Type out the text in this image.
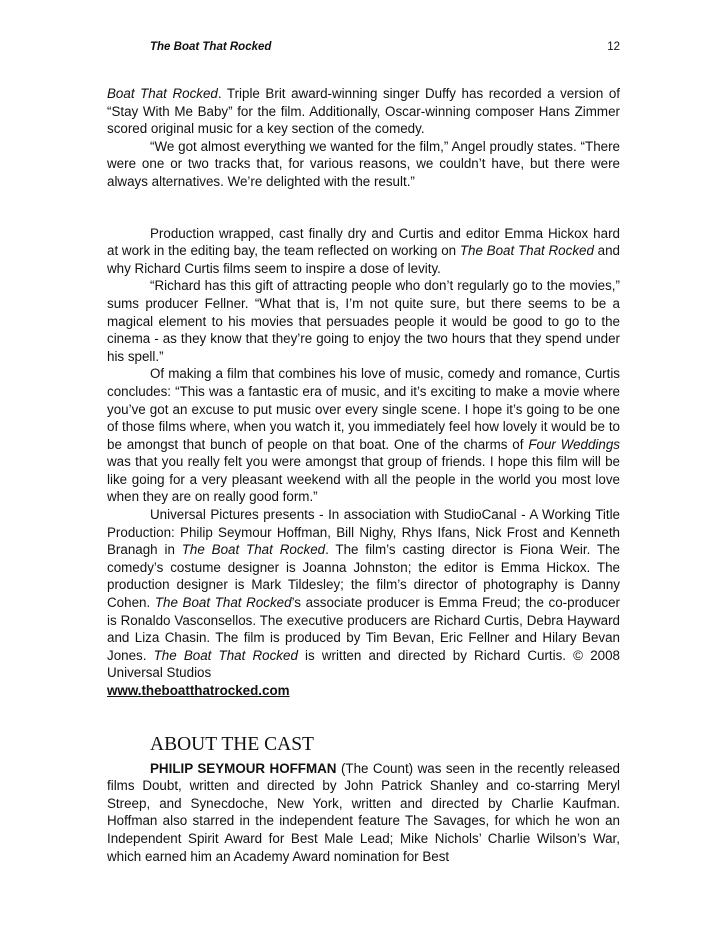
The Boat That Rocked	12

Boat That Rocked. Triple Brit award-winning singer Duffy has recorded a version of “Stay With Me Baby” for the film. Additionally, Oscar-winning composer Hans Zimmer scored original music for a key section of the comedy.

“We got almost everything we wanted for the film,” Angel proudly states. “There were one or two tracks that, for various reasons, we couldn’t have, but there were always alternatives. We’re delighted with the result.”

Production wrapped, cast finally dry and Curtis and editor Emma Hickox hard at work in the editing bay, the team reflected on working on The Boat That Rocked and why Richard Curtis films seem to inspire a dose of levity.

“Richard has this gift of attracting people who don’t regularly go to the movies,” sums producer Fellner. “What that is, I’m not quite sure, but there seems to be a magical element to his movies that persuades people it would be good to go to the cinema - as they know that they’re going to enjoy the two hours that they spend under his spell.”

Of making a film that combines his love of music, comedy and romance, Curtis concludes: “This was a fantastic era of music, and it’s exciting to make a movie where you’ve got an excuse to put music over every single scene. I hope it’s going to be one of those films where, when you watch it, you immediately feel how lovely it would be to be amongst that bunch of people on that boat. One of the charms of Four Weddings was that you really felt you were amongst that group of friends. I hope this film will be like going for a very pleasant weekend with all the people in the world you most love when they are on really good form.”

Universal Pictures presents - In association with StudioCanal - A Working Title Production: Philip Seymour Hoffman, Bill Nighy, Rhys Ifans, Nick Frost and Kenneth Branagh in The Boat That Rocked. The film’s casting director is Fiona Weir. The comedy’s costume designer is Joanna Johnston; the editor is Emma Hickox. The production designer is Mark Tildesley; the film’s director of photography is Danny Cohen. The Boat That Rocked’s associate producer is Emma Freud; the co-producer is Ronaldo Vasconsellos. The executive producers are Richard Curtis, Debra Hayward and Liza Chasin. The film is produced by Tim Bevan, Eric Fellner and Hilary Bevan Jones. The Boat That Rocked is written and directed by Richard Curtis. © 2008 Universal Studios
www.theboatthatrocked.com

ABOUT THE CAST

PHILIP SEYMOUR HOFFMAN (The Count) was seen in the recently released films Doubt, written and directed by John Patrick Shanley and co-starring Meryl Streep, and Synecdoche, New York, written and directed by Charlie Kaufman. Hoffman also starred in the independent feature The Savages, for which he won an Independent Spirit Award for Best Male Lead; Mike Nichols’ Charlie Wilson’s War, which earned him an Academy Award nomination for Best
